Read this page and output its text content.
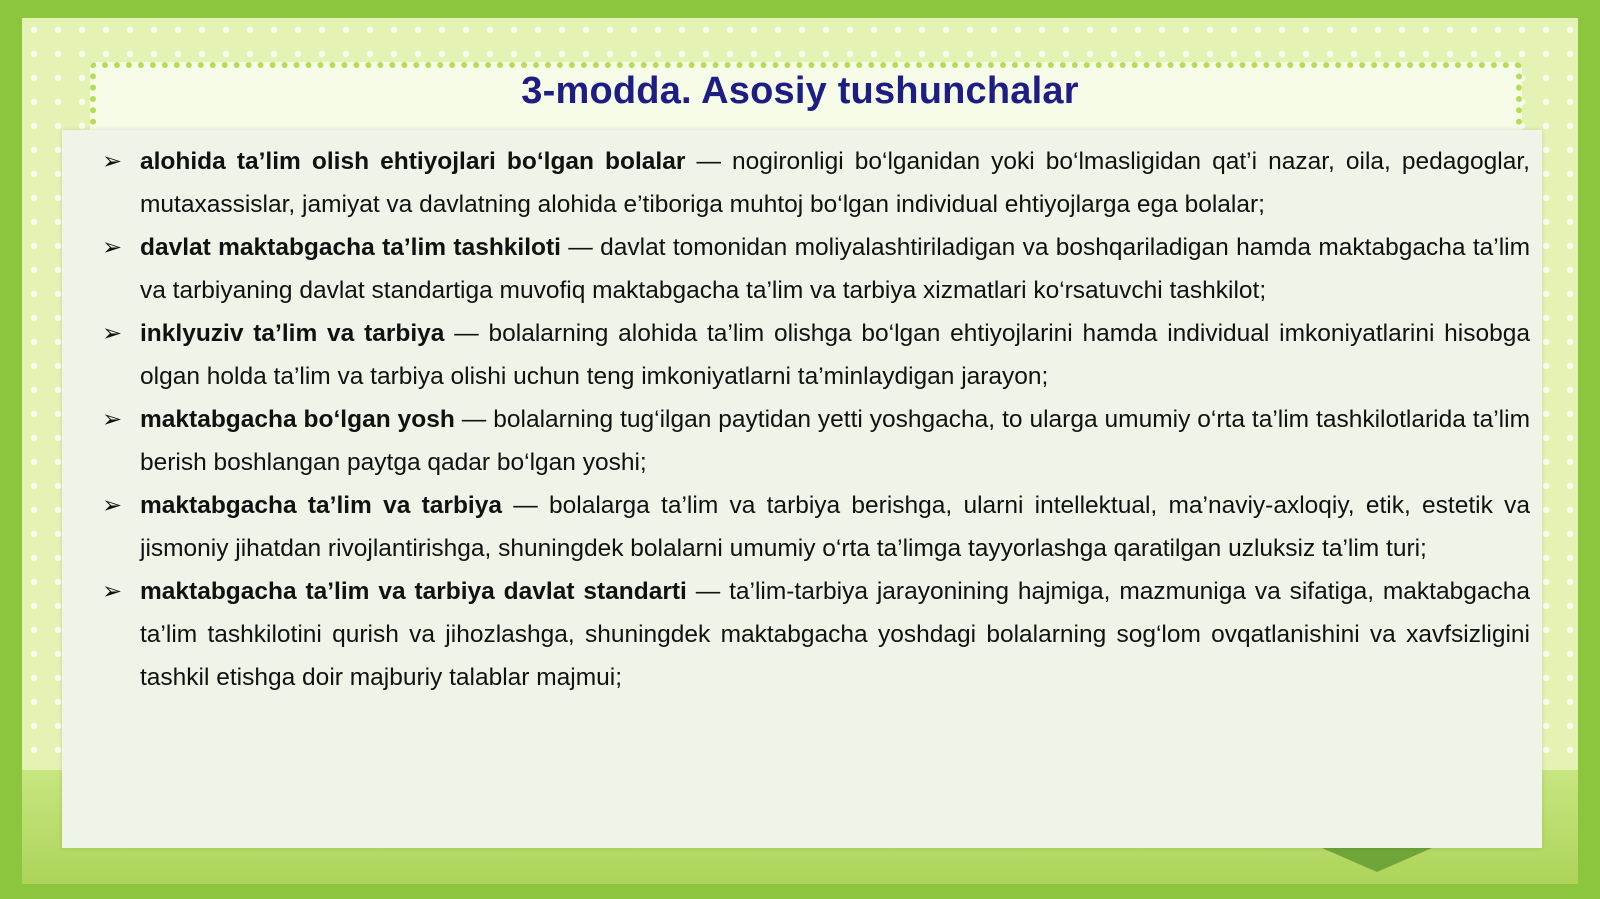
3-modda. Asosiy tushunchalar
➢ alohida ta’lim olish ehtiyojlari bo‘lgan bolalar — nogironligi bo‘lganidan yoki bo‘lmasligidan qat’i nazar, oila, pedagoglar, mutaxassislar, jamiyat va davlatning alohida e’tiboriga muhtoj bo‘lgan individual ehtiyojlarga ega bolalar;
➢ davlat maktabgacha ta’lim tashkiloti — davlat tomonidan moliyalashtiriladigan va boshqariladigan hamda maktabgacha ta’lim va tarbiyaning davlat standartiga muvofiq maktabgacha ta’lim va tarbiya xizmatlari ko‘rsatuvchi tashkilot;
➢ inklyuziv ta’lim va tarbiya — bolalarning alohida ta’lim olishga bo‘lgan ehtiyojlarini hamda individual imkoniyatlarini hisobga olgan holda ta’lim va tarbiya olishi uchun teng imkoniyatlarni ta’minlaydigan jarayon;
➢ maktabgacha bo‘lgan yosh — bolalarning tug‘ilgan paytidan yetti yoshgacha, to ularga umumiy o‘rta ta’lim tashkilotlarida ta’lim berish boshlangan paytga qadar bo‘lgan yoshi;
➢ maktabgacha ta’lim va tarbiya — bolalarga ta’lim va tarbiya berishga, ularni intellektual, ma’naviy-axloqiy, etik, estetik va jismoniy jihatdan rivojlantirishga, shuningdek bolalarni umumiy o‘rta ta’limga tayyorlashga qaratilgan uzluksiz ta’lim turi;
➢ maktabgacha ta’lim va tarbiya davlat standarti — ta’lim-tarbiya jarayonining hajmiga, mazmuniga va sifatiga, maktabgacha ta’lim tashkilotini qurish va jihozlashga, shuningdek maktabgacha yoshdagi bolalarning sog‘lom ovqatlanishini va xavfsizligini tashkil etishga doir majburiy talablar majmui;
